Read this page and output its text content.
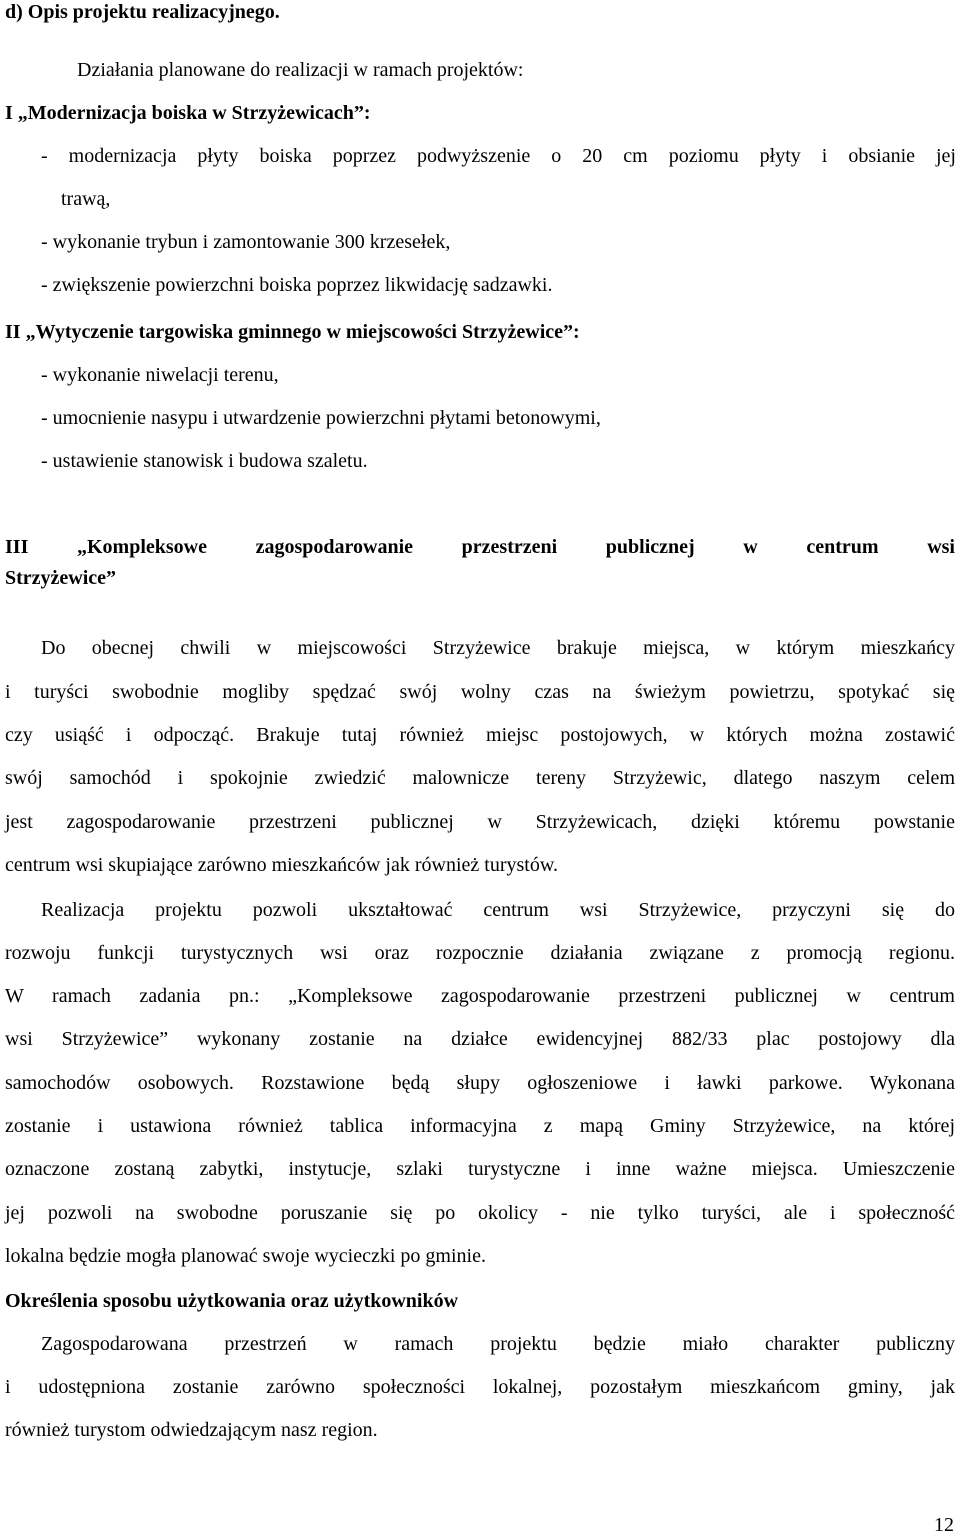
d) Opis projektu realizacyjnego.
Działania planowane do realizacji w ramach projektów:
I „Modernizacja boiska w Strzyżewicach”:
- modernizacja płyty boiska poprzez podwyższenie o 20 cm poziomu płyty i obsianie jej
trawą,
- wykonanie trybun i zamontowanie 300 krzesełek,
- zwiększenie powierzchni boiska poprzez likwidację sadzawki.
II „Wytyczenie targowiska gminnego w miejscowości Strzyżewice”:
- wykonanie niwelacji terenu,
- umocnienie nasypu i utwardzenie powierzchni płytami betonowymi,
- ustawienie stanowisk i budowa szaletu.
III „Kompleksowe zagospodarowanie przestrzeni publicznej w centrum wsi
Strzyżewice”
Do obecnej chwili w miejscowości Strzyżewice brakuje miejsca, w którym mieszkańcy
i turyści swobodnie mogliby spędzać swój wolny czas na świeżym powietrzu, spotykać się
czy usiąść i odpocząć. Brakuje tutaj również miejsc postojowych, w których można zostawić
swój samochód i spokojnie zwiedzić malownicze tereny Strzyżewic, dlatego naszym celem
jest zagospodarowanie przestrzeni publicznej w Strzyżewicach, dzięki któremu powstanie
centrum wsi skupiające zarówno mieszkańców jak również turystów.
Realizacja projektu pozwoli ukształtować centrum wsi Strzyżewice, przyczyni się do
rozwoju funkcji turystycznych wsi oraz rozpocznie działania związane z promocją regionu.
W ramach zadania pn.: „Kompleksowe zagospodarowanie przestrzeni publicznej w centrum
wsi Strzyżewice” wykonany zostanie na działce ewidencyjnej 882/33 plac postojowy dla
samochodów osobowych. Rozstawione będą słupy ogłoszeniowe i ławki parkowe. Wykonana
zostanie i ustawiona również tablica informacyjna z mapą Gminy Strzyżewice, na której
oznaczone zostaną zabytki, instytucje, szlaki turystyczne i inne ważne miejsca. Umieszczenie
jej pozwoli na swobodne poruszanie się po okolicy - nie tylko turyści, ale i społeczność
lokalna będzie mogła planować swoje wycieczki po gminie.
Określenia sposobu użytkowania oraz użytkowników
Zagospodarowana przestrzeń w ramach projektu będzie miało charakter publiczny
i udostępniona zostanie zarówno społeczności lokalnej, pozostałym mieszkańcom gminy, jak
również turystom odwiedzającym nasz region.
12
